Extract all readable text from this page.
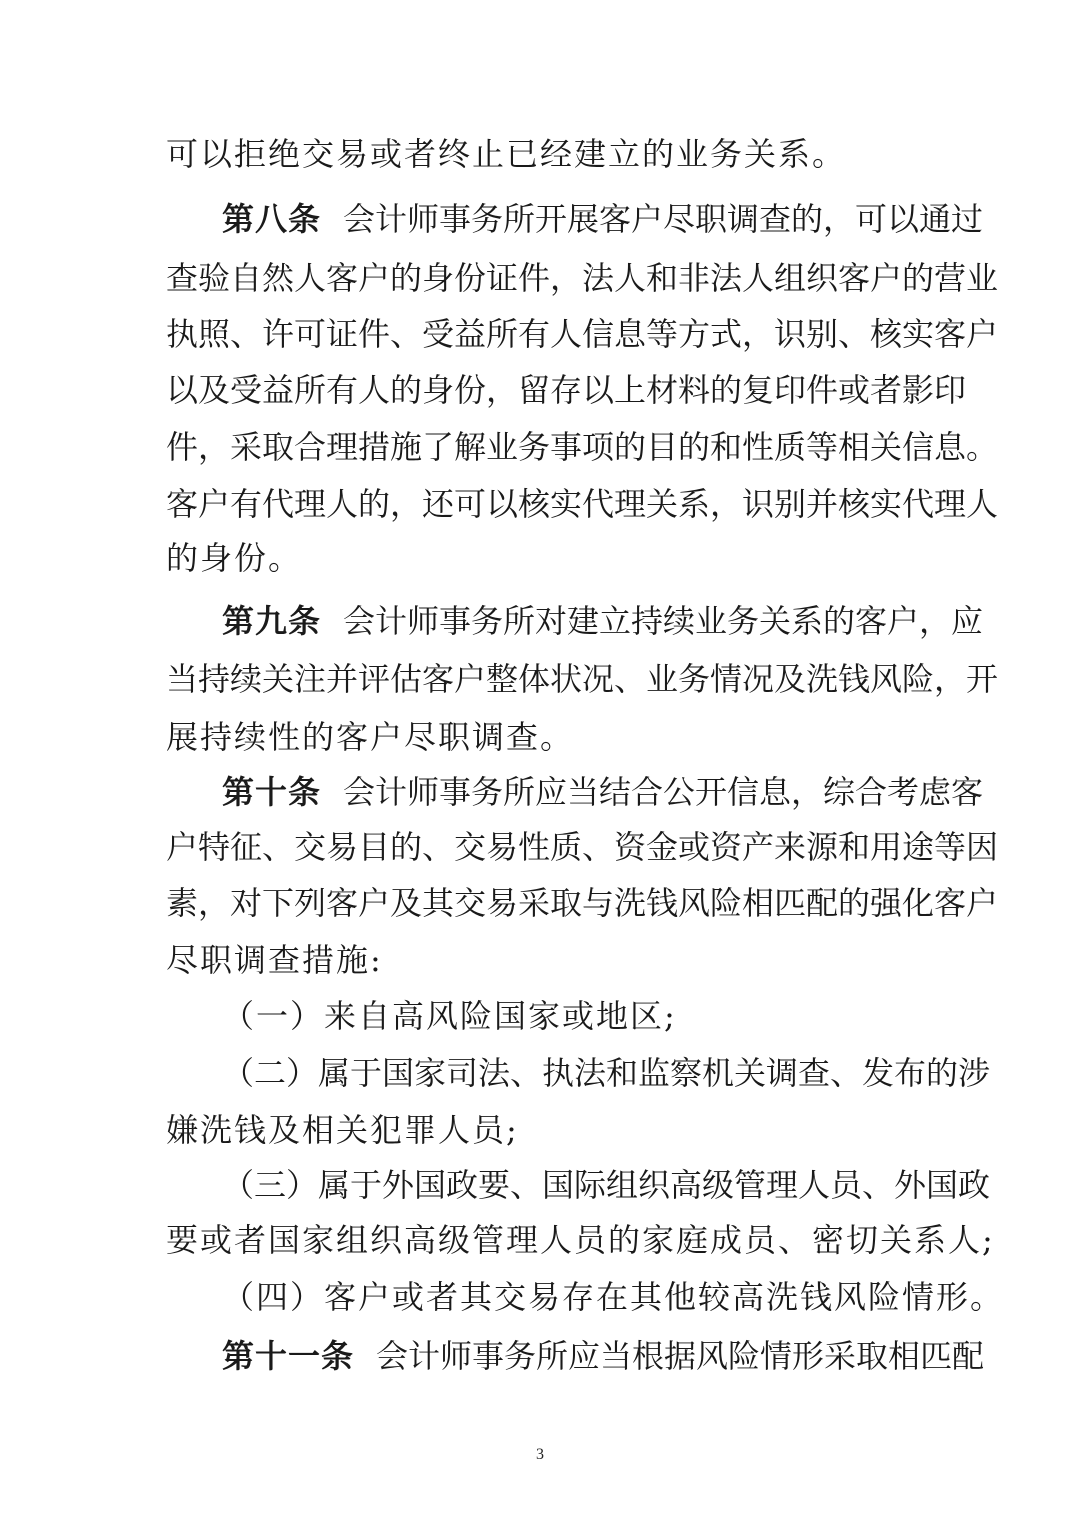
可以拒绝交易或者终止已经建立的业务关系。
第八条 会计师事务所开展客户尽职调查的，可以通过
查验自然人客户的身份证件，法人和非法人组织客户的营业
执照、许可证件、受益所有人信息等方式，识别、核实客户
以及受益所有人的身份，留存以上材料的复印件或者影印
件，采取合理措施了解业务事项的目的和性质等相关信息。
客户有代理人的，还可以核实代理关系，识别并核实代理人
的身份。
第九条 会计师事务所对建立持续业务关系的客户，应
当持续关注并评估客户整体状况、业务情况及洗钱风险，开
展持续性的客户尽职调查。
第十条 会计师事务所应当结合公开信息，综合考虑客
户特征、交易目的、交易性质、资金或资产来源和用途等因
素，对下列客户及其交易采取与洗钱风险相匹配的强化客户
尽职调查措施:
（一）来自高风险国家或地区;
（二）属于国家司法、执法和监察机关调查、发布的涉
嫌洗钱及相关犯罪人员;
（三）属于外国政要、国际组织高级管理人员、外国政
要或者国家组织高级管理人员的家庭成员、密切关系人;
（四）客户或者其交易存在其他较高洗钱风险情形。
第十一条 会计师事务所应当根据风险情形采取相匹配
3
